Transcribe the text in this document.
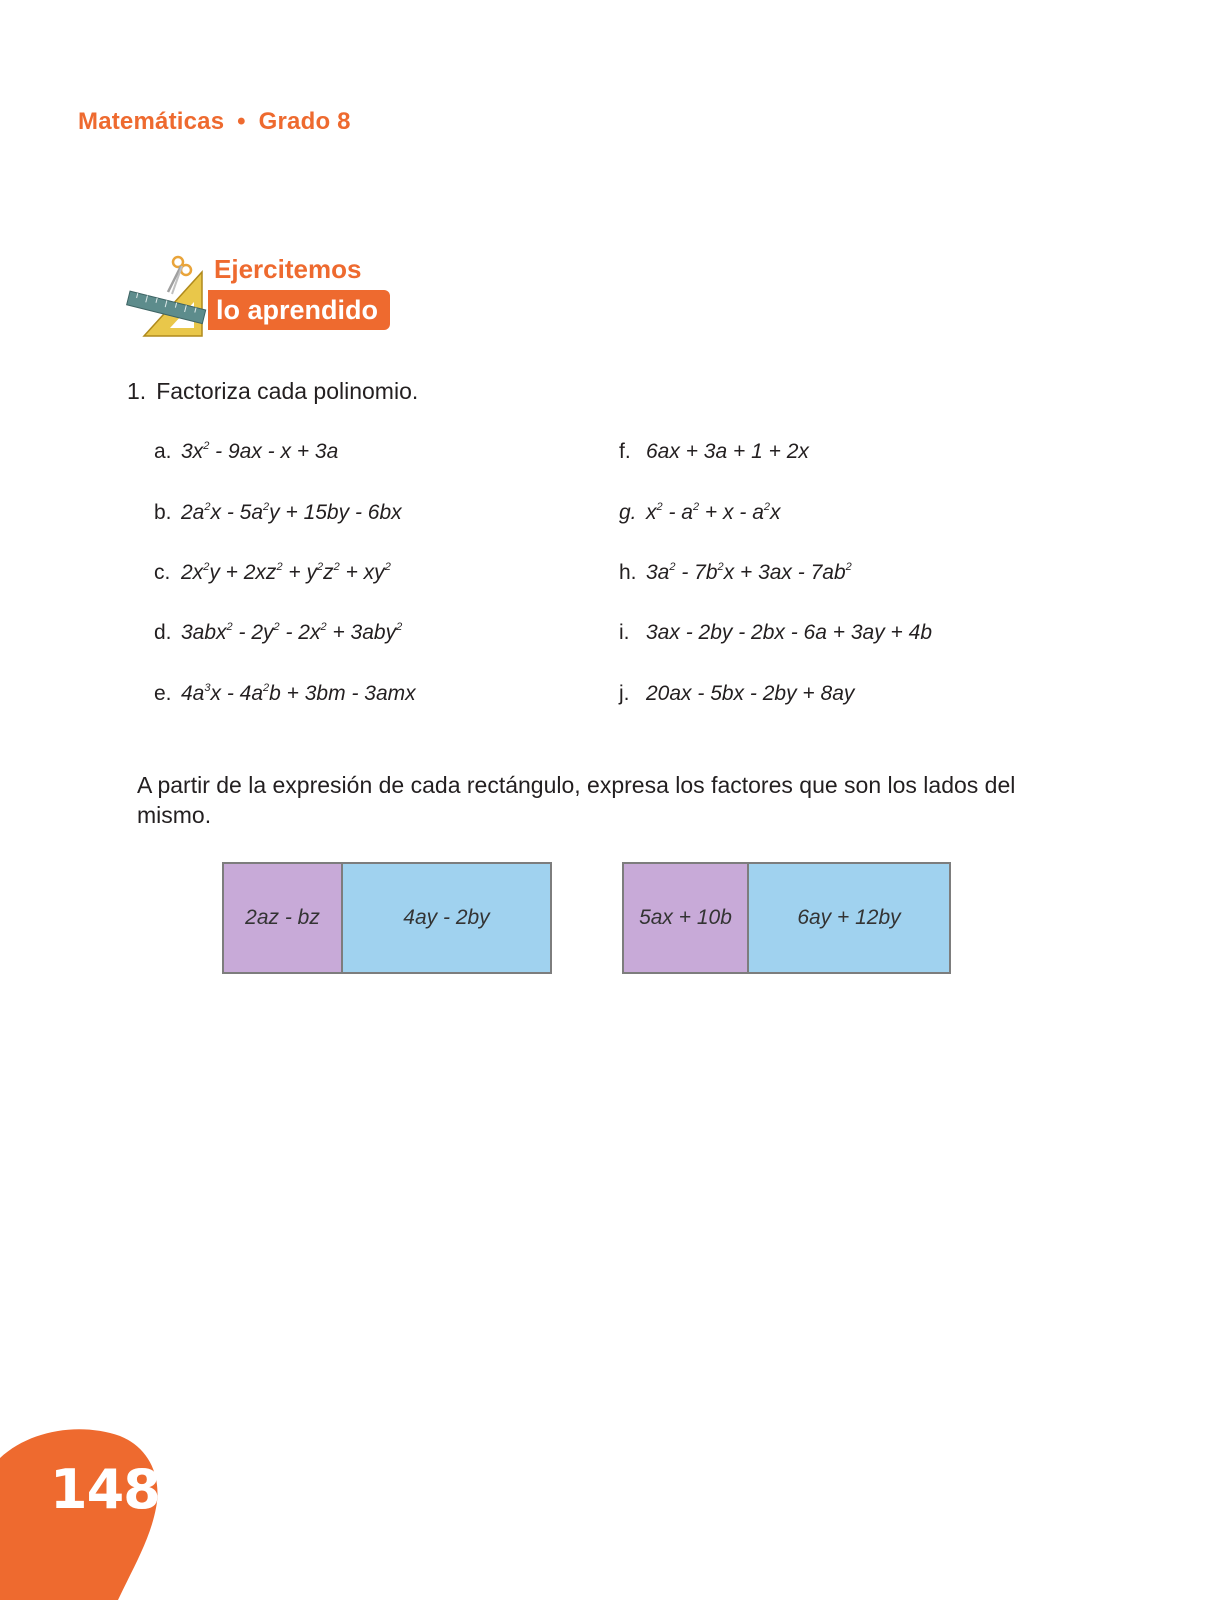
Matemáticas • Grado 8
Ejercitemos
lo aprendido
1. Factoriza cada polinomio.
a. $3x^2 - 9ax - x + 3a$
b. $2a^2x - 5a^2y + 15by - 6bx$
c. $2x^2y + 2xz^2 + y^2z^2 + xy^2$
d. $3abx^2 - 2y^2 - 2x^2 + 3aby^2$
e. $4a^3x - 4a^2b + 3bm - 3amx$
f. 6ax + 3a + 1 + 2x
g. $x^2 - a^2 + x - a^2x$
h. $3a^2 - 7b^2x + 3ax - 7ab^2$
i. 3ax - 2by - 2bx - 6a + 3ay + 4b
j. 20ax - 5bx - 2by + 8ay
A partir de la expresión de cada rectángulo, expresa los factores que son los lados del mismo.
2az - bz	4ay - 2by	5ax + 10b	6ay + 12by
148
